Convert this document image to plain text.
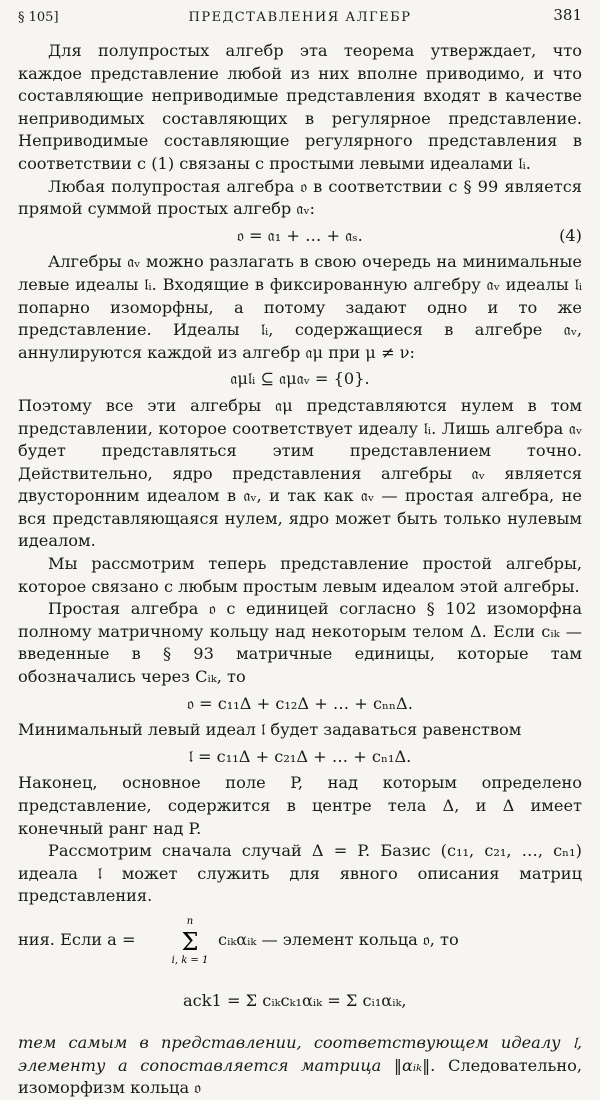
§ 105]	ПРЕДСТАВЛЕНИЯ АЛГЕБР	381

Для полупростых алгебр эта теорема утверждает, что каждое представление любой из них вполне приводимо, и что составляющие неприводимые представления входят в качестве неприводимых составляющих в регулярное представление. Неприводимые составляющие регулярного представления в соответствии с (1) связаны с простыми левыми идеалами 𝔩ᵢ.

Любая полупростая алгебра 𝔬 в соответствии с § 99 является прямой суммой простых алгебр 𝔞ᵥ:

𝔬 = 𝔞₁ + … + 𝔞ₛ.	(4)

Алгебры 𝔞ᵥ можно разлагать в свою очередь на минимальные левые идеалы 𝔩ᵢ. Входящие в фиксированную алгебру 𝔞ᵥ идеалы 𝔩ᵢ попарно изоморфны, а потому задают одно и то же представление. Идеалы 𝔩ᵢ, содержащиеся в алгебре 𝔞ᵥ, аннулируются каждой из алгебр 𝔞μ при μ ≠ ν:

𝔞μ𝔩ᵢ ⊆ 𝔞μ𝔞ᵥ = {0}.

Поэтому все эти алгебры 𝔞μ представляются нулем в том представлении, которое соответствует идеалу 𝔩ᵢ. Лишь алгебра 𝔞ᵥ будет представляться этим представлением точно. Действительно, ядро представления алгебры 𝔞ᵥ является двусторонним идеалом в 𝔞ᵥ, и так как 𝔞ᵥ — простая алгебра, не вся представляющаяся нулем, ядро может быть только нулевым идеалом.

Мы рассмотрим теперь представление простой алгебры, которое связано с любым простым левым идеалом этой алгебры.

Простая алгебра 𝔬 с единицей согласно § 102 изоморфна полному матричному кольцу над некоторым телом Δ. Если cᵢₖ — введенные в § 93 матричные единицы, которые там обозначались через Cᵢₖ, то

𝔬 = c₁₁Δ + c₁₂Δ + … + cₙₙΔ.

Минимальный левый идеал 𝔩 будет задаваться равенством

𝔩 = c₁₁Δ + c₂₁Δ + … + cₙ₁Δ.

Наконец, основное поле P, над которым определено представление, содержится в центре тела Δ, и Δ имеет конечный ранг над P.

Рассмотрим сначала случай Δ = P. Базис (c₁₁, c₂₁, …, cₙ₁) идеала 𝔩 может служить для явного описания матриц представления.

ния. Если a =
n
Σ
i, k = 1
cᵢₖαᵢₖ — элемент кольца 𝔬, то
ack1 = Σ cᵢₖcₖ₁αᵢₖ = Σ cᵢ₁αᵢₖ,

тем самым в представлении, соответствующем идеалу 𝔩, элементу a сопоставляется матрица ‖αᵢₖ‖. Следовательно, изоморфизм кольца 𝔬
